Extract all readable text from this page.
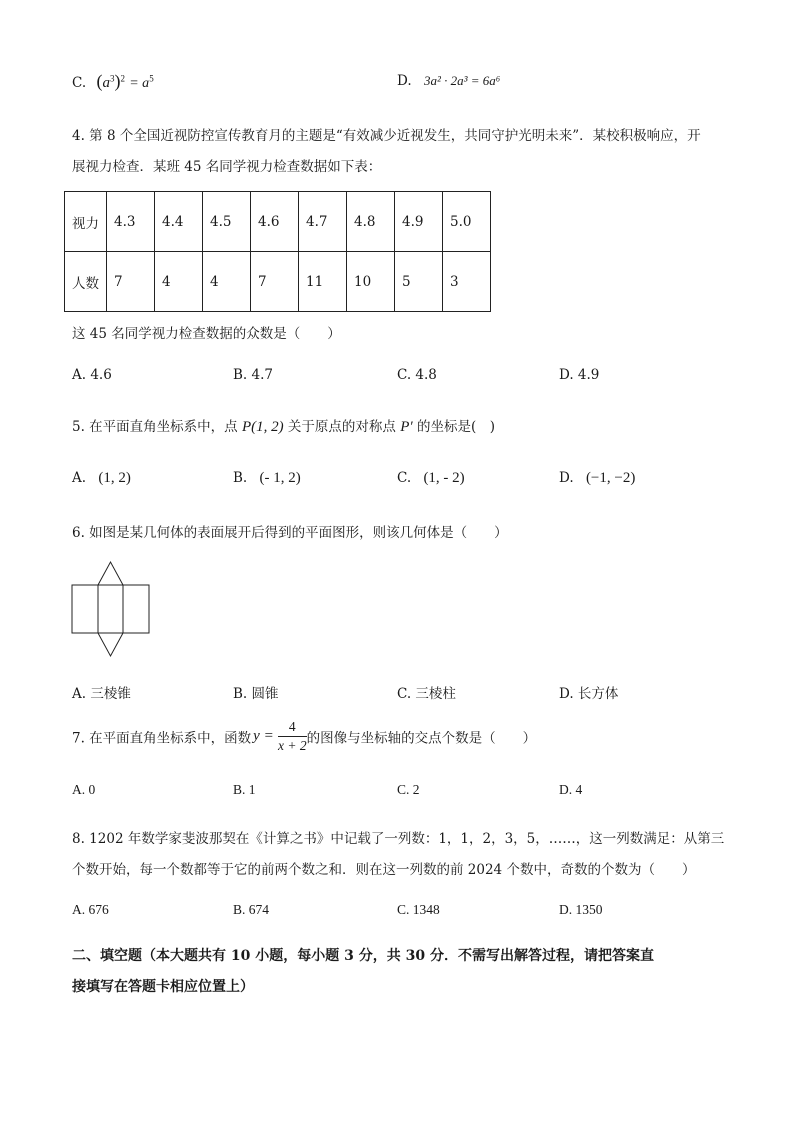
C. $(a^3)^2 = a^5$	D. 3a² · 2a³ = 6a⁶
4. 第 8 个全国近视防控宣传教育月的主题是“有效减少近视发生，共同守护光明未来”．某校积极响应，开
展视力检查．某班 45 名同学视力检查数据如下表：
视力	4.3	4.4	4.5	4.6	4.7	4.8	4.9	5.0
人数	7	4	4	7	11	10	5	3
这 45 名同学视力检查数据的众数是（　　）
A. 4.6	B. 4.7	C. 4.8	D. 4.9
5. 在平面直角坐标系中，点 P(1, 2) 关于原点的对称点 P′ 的坐标是(　)
A. (1, 2)	B. (- 1, 2)	C. (1, - 2)	D. (−1, −2)
6. 如图是某几何体的表面展开后得到的平面图形，则该几何体是（　　）
A. 三棱锥	B. 圆锥	C. 三棱柱	D. 长方体
7. 在平面直角坐标系中，函数 $y = \frac{4}{x + 2}$ 的图像与坐标轴的交点个数是（　　）
A. 0	B. 1	C. 2	D. 4
8. 1202 年数学家斐波那契在《计算之书》中记载了一列数：1，1，2，3，5，……，这一列数满足：从第三
个数开始，每一个数都等于它的前两个数之和．则在这一列数的前 2024 个数中，奇数的个数为（　　）
A. 676	B. 674	C. 1348	D. 1350
二、填空题（本大题共有 10 小题，每小题 3 分，共 30 分．不需写出解答过程，请把答案直
接填写在答题卡相应位置上）
